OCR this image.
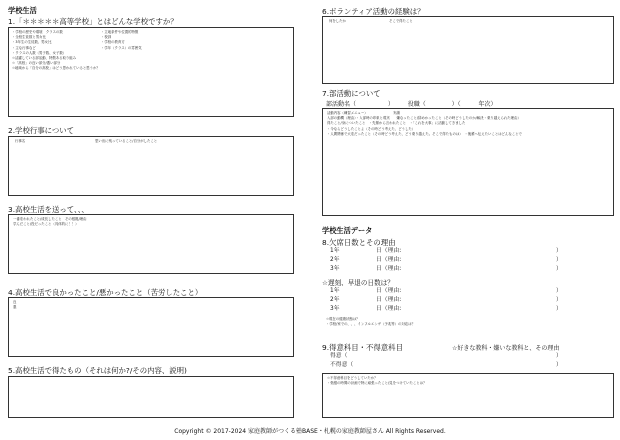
学校生活
1.「＊＊＊＊＊高等学校」とはどんな学校ですか？
・学校の歴史や環境　クラスの数
・全校生徒数と男女比
・3年生の生徒数、男女比
・主な行事など
・クラスの人数（男子数、女子数）
☆活躍している部活動、特徴ある取り組み
☆「高校」の良い部分/悪い部分
☆地域から「自分の高校」はどう思われていると思うか？
・立地条件や位置的特徴
・校訓
・学校の教育方
・学年（クラス）の雰囲気
2.学校行事について
行事名	思い出に残っていること/自分がしたこと
3.高校生活を送って、、、
一番変われたこと/成長したこと　その根拠/理由
学んだこと/役だったこと（具体的に！！）
4.高校生活で良かったこと/悪かったこと（苦労したこと）
良
悪
5.高校生活で得たもの（それは何か?/その内容、説明)
6.ボランティア活動の経験は？
何をしたか	そこで得たこと
7.部活動について
部活動名（	） 役職（	）（	年次）
活動内容（練習メニュー）　　　　　　　　実績
入部の動機（理由）・入部時の印象と現実　　嫌なったこと/辞めかったこと（その時どうしたのか/解決・乗り越えられた理由）
得たこと/身についたこと　・先輩から言われたこと　・「これを大事」に活動してきました
・今ならどうしたことよ（その時どう考えた、どうした）
・人間関係で大変だったこと（その時どう考えた、どう乗り越えた。そこで得たものは）　・後輩へ伝えたいことはどんなことで
学校生活データ
8.欠席日数とその理由
1年	日（理由:	）
2年	日（理由:	）
3年	日（理由:	）
☆遅刻、早退の日数は？
1年	日（理由:	）
2年	日（理由:	）
3年	日（理由:	）
☆現在の健康状態は？
・学校/家での、、、インフルエンザ（予兆等）の対応は？
9.得意科目・不得意科目	☆好きな教科・嫌いな教科と、その理由
得意（	）
不得意（	）
☆不得意科目をどうしていたか？
・勉強の時間の計画で特に頑張ったこと/見をつけていたことは？
Copyright © 2017-2024 家庭教師がつくる塾BASE・札幌の家庭教師屋さん All Rights Reserved.
